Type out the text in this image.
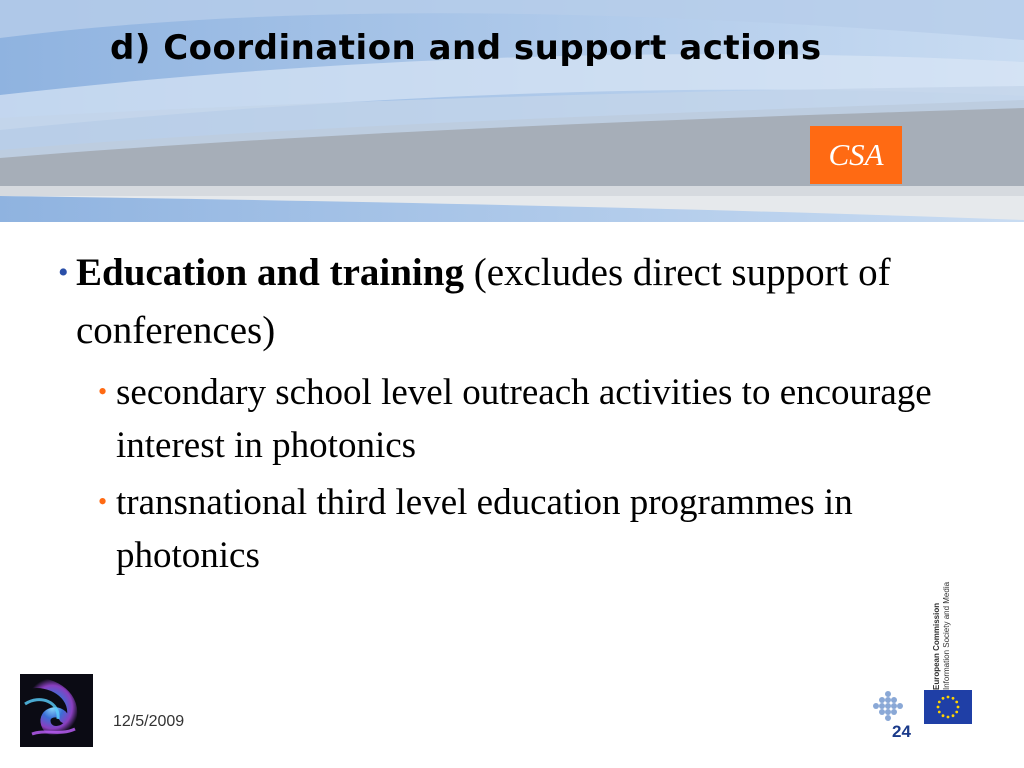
d) Coordination and support actions
CSA
• Education and training (excludes direct support of conferences)
• secondary school level outreach activities to encourage interest in photonics
• transnational third level education programmes in photonics
12/5/2009
24
European Commission Information Society and Media
